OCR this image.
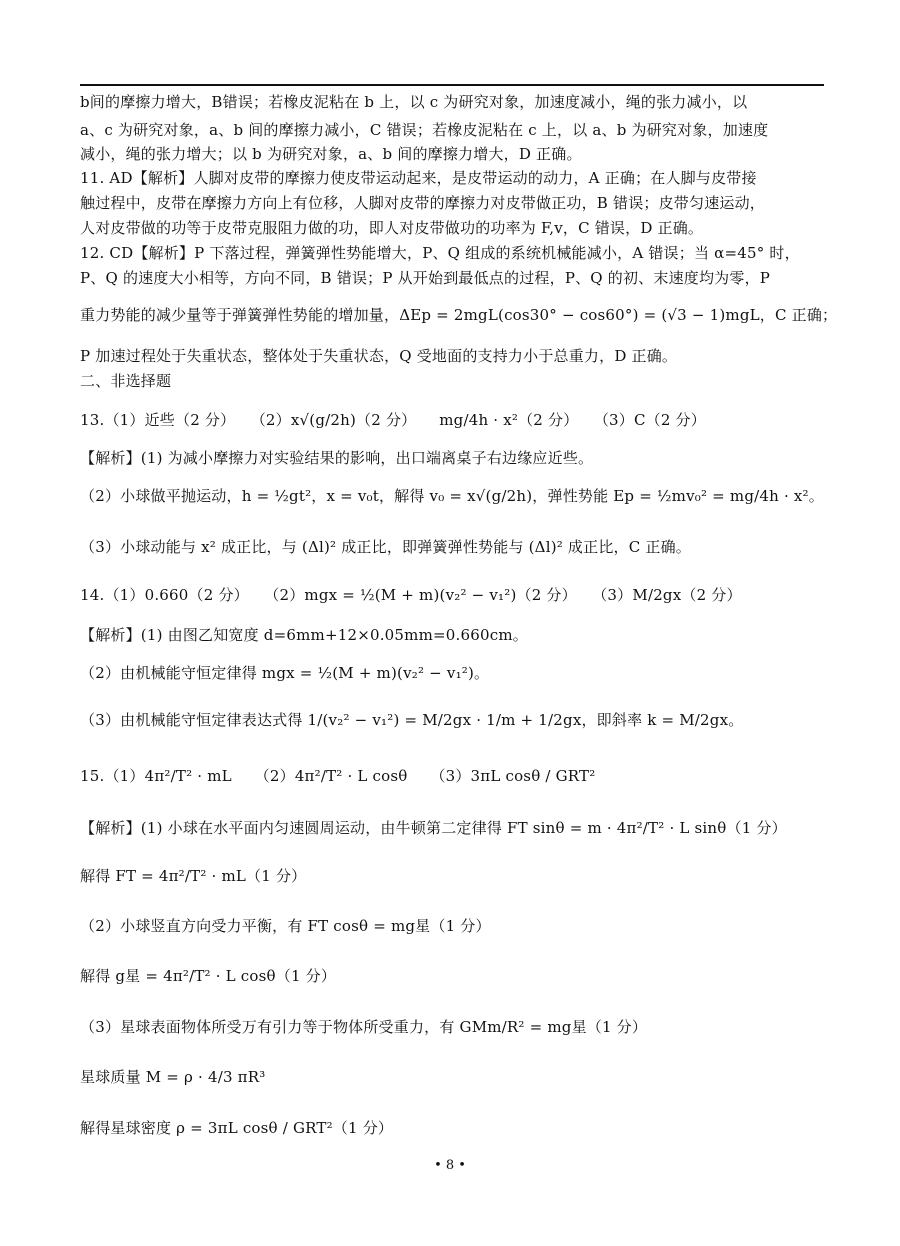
b间的摩擦力增大，B错误；若橡皮泥粘在 b 上，以 c 为研究对象，加速度减小，绳的张力减小，以
a、c 为研究对象，a、b 间的摩擦力减小，C 错误；若橡皮泥粘在 c 上，以 a、b 为研究对象，加速度
减小，绳的张力增大；以 b 为研究对象，a、b 间的摩擦力增大，D 正确。
11. AD【解析】人脚对皮带的摩擦力使皮带运动起来，是皮带运动的动力，A 正确；在人脚与皮带接
触过程中，皮带在摩擦力方向上有位移，人脚对皮带的摩擦力对皮带做正功，B 错误；皮带匀速运动，
人对皮带做的功等于皮带克服阻力做的功，即人对皮带做功的功率为 F,v，C 错误，D 正确。
12. CD【解析】P 下落过程，弹簧弹性势能增大，P、Q 组成的系统机械能减小，A 错误；当 α=45° 时，
P、Q 的速度大小相等，方向不同，B 错误；P 从开始到最低点的过程，P、Q 的初、末速度均为零，P
重力势能的减少量等于弹簧弹性势能的增加量，ΔEp = 2mgL(cos30° − cos60°) = (√3 − 1)mgL，C 正确；
P 加速过程处于失重状态，整体处于失重状态，Q 受地面的支持力小于总重力，D 正确。
二、非选择题
13.（1）近些（2 分）　　（2）x√(g/2h)（2 分）　　mg/4h · x²（2 分）　　（3）C（2 分）
【解析】(1) 为减小摩擦力对实验结果的影响，出口端离桌子右边缘应近些。
（2）小球做平抛运动，h = ½gt²，x = v₀t，解得 v₀ = x√(g/2h)，弹性势能 Ep = ½mv₀² = mg/4h · x²。
（3）小球动能与 x² 成正比，与 (Δl)² 成正比，即弹簧弹性势能与 (Δl)² 成正比，C 正确。
14.（1）0.660（2 分）　　（2）mgx = ½(M + m)(v₂² − v₁²)（2 分）　　（3）M/2gx（2 分）
【解析】(1) 由图乙知宽度 d=6mm+12×0.05mm=0.660cm。
（2）由机械能守恒定律得 mgx = ½(M + m)(v₂² − v₁²)。
（3）由机械能守恒定律表达式得 1/(v₂² − v₁²) = M/2gx · 1/m + 1/2gx，即斜率 k = M/2gx。
15.（1）4π²/T² · mL　　（2）4π²/T² · L cosθ　　（3）3πL cosθ / GRT²
【解析】(1) 小球在水平面内匀速圆周运动，由牛顿第二定律得 FT sinθ = m · 4π²/T² · L sinθ（1 分）
解得 FT = 4π²/T² · mL（1 分）
（2）小球竖直方向受力平衡，有 FT cosθ = mg星（1 分）
解得 g星 = 4π²/T² · L cosθ（1 分）
（3）星球表面物体所受万有引力等于物体所受重力，有 GMm/R² = mg星（1 分）
星球质量 M = ρ · 4/3 πR³
解得星球密度 ρ = 3πL cosθ / GRT²（1 分）
• 8 •
